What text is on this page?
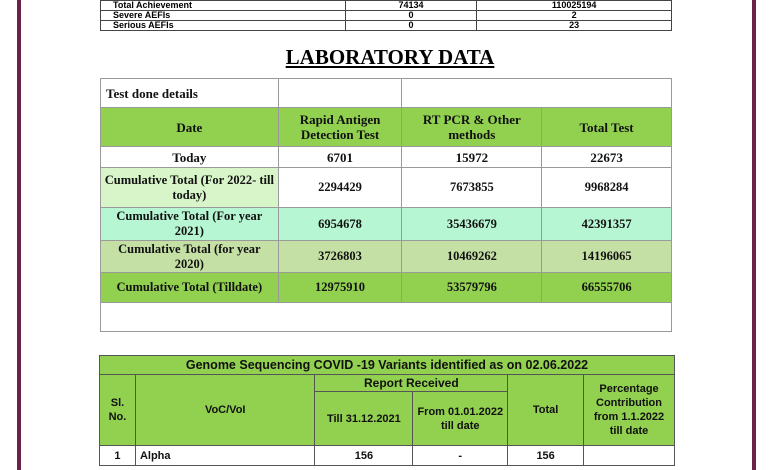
Total Achievement	74134	110025194
Severe AEFIs	0	2
Serious AEFIs	0	23
LABORATORY DATA
Test done details			
Date	Rapid Antigen Detection Test	RT PCR & Other methods	Total Test
Today	6701	15972	22673
Cumulative Total (For 2022- till today)	2294429	7673855	9968284
Cumulative Total (For year 2021)	6954678	35436679	42391357
Cumulative Total (for year 2020)	3726803	10469262	14196065
Cumulative Total (Tilldate)	12975910	53579796	66555706

Genome Sequencing COVID -19 Variants identified as on 02.06.2022					
Sl. No.	VoC/VoI	Report Received		Total	Percentage Contribution from 1.1.2022 till date
		Till 31.12.2021	From 01.01.2022 till date		
1	Alpha	156	-	156	
